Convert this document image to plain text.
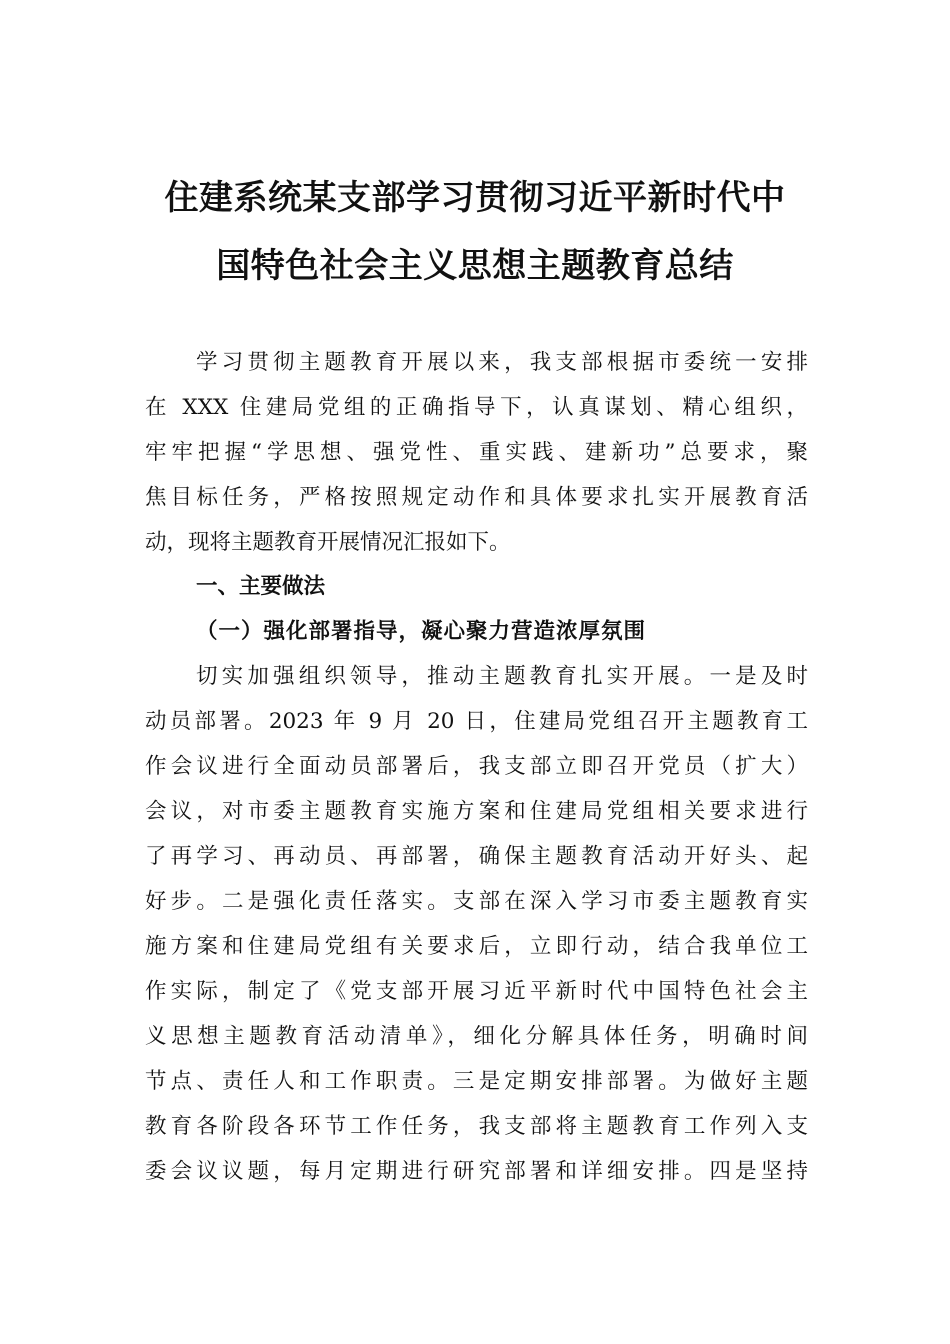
住建系统某支部学习贯彻习近平新时代中
国特色社会主义思想主题教育总结
学习贯彻主题教育开展以来，我支部根据市委统一安排
在 XXX 住建局党组的正确指导下，认真谋划、精心组织，
牢牢把握“学思想、强党性、重实践、建新功”总要求，聚
焦目标任务，严格按照规定动作和具体要求扎实开展教育活
动，现将主题教育开展情况汇报如下。
一、主要做法
（一）强化部署指导，凝心聚力营造浓厚氛围
切实加强组织领导，推动主题教育扎实开展。一是及时
动员部署。2023 年 9 月 20 日，住建局党组召开主题教育工
作会议进行全面动员部署后，我支部立即召开党员（扩大）
会议，对市委主题教育实施方案和住建局党组相关要求进行
了再学习、再动员、再部署，确保主题教育活动开好头、起
好步。二是强化责任落实。支部在深入学习市委主题教育实
施方案和住建局党组有关要求后，立即行动，结合我单位工
作实际，制定了《党支部开展习近平新时代中国特色社会主
义思想主题教育活动清单》，细化分解具体任务，明确时间
节点、责任人和工作职责。三是定期安排部署。为做好主题
教育各阶段各环节工作任务，我支部将主题教育工作列入支
委会议议题，每月定期进行研究部署和详细安排。四是坚持
